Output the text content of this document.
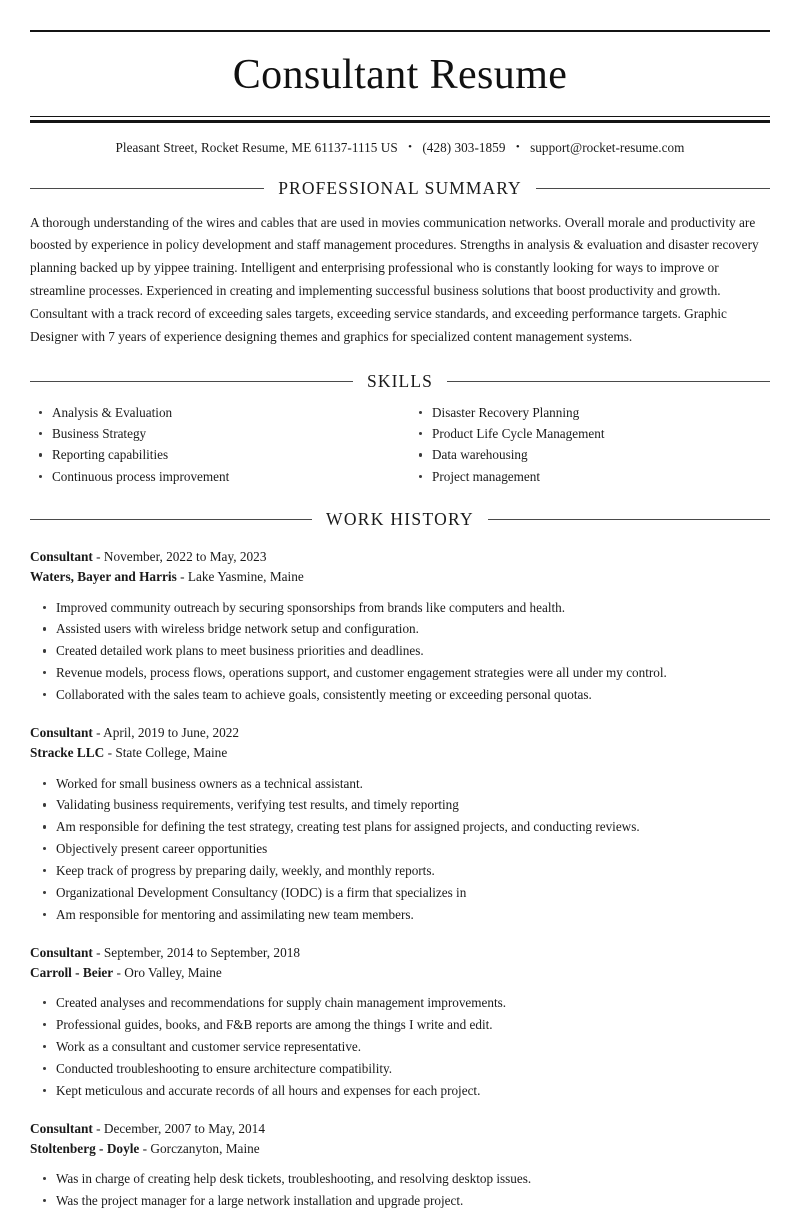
Consultant Resume
Pleasant Street, Rocket Resume, ME 61137-1115 US • (428) 303-1859 • support@rocket-resume.com
PROFESSIONAL SUMMARY

A thorough understanding of the wires and cables that are used in movies communication networks. Overall morale and productivity are boosted by experience in policy development and staff management procedures. Strengths in analysis & evaluation and disaster recovery planning backed up by yippee training. Intelligent and enterprising professional who is constantly looking for ways to improve or streamline processes. Experienced in creating and implementing successful business solutions that boost productivity and growth. Consultant with a track record of exceeding sales targets, exceeding service standards, and exceeding performance targets. Graphic Designer with 7 years of experience designing themes and graphics for specialized content management systems.

SKILLS
Analysis & Evaluation
Business Strategy
Reporting capabilities
Continuous process improvement
Disaster Recovery Planning
Product Life Cycle Management
Data warehousing
Project management
WORK HISTORY
Consultant - November, 2022 to May, 2023
Waters, Bayer and Harris - Lake Yasmine, Maine
Improved community outreach by securing sponsorships from brands like computers and health.
Assisted users with wireless bridge network setup and configuration.
Created detailed work plans to meet business priorities and deadlines.
Revenue models, process flows, operations support, and customer engagement strategies were all under my control.
Collaborated with the sales team to achieve goals, consistently meeting or exceeding personal quotas.
Consultant - April, 2019 to June, 2022
Stracke LLC - State College, Maine
Worked for small business owners as a technical assistant.
Validating business requirements, verifying test results, and timely reporting
Am responsible for defining the test strategy, creating test plans for assigned projects, and conducting reviews.
Objectively present career opportunities
Keep track of progress by preparing daily, weekly, and monthly reports.
Organizational Development Consultancy (IODC) is a firm that specializes in
Am responsible for mentoring and assimilating new team members.
Consultant - September, 2014 to September, 2018
Carroll - Beier - Oro Valley, Maine
Created analyses and recommendations for supply chain management improvements.
Professional guides, books, and F&B reports are among the things I write and edit.
Work as a consultant and customer service representative.
Conducted troubleshooting to ensure architecture compatibility.
Kept meticulous and accurate records of all hours and expenses for each project.
Consultant - December, 2007 to May, 2014
Stoltenberg - Doyle - Gorczanyton, Maine
Was in charge of creating help desk tickets, troubleshooting, and resolving desktop issues.
Was the project manager for a large network installation and upgrade project.
